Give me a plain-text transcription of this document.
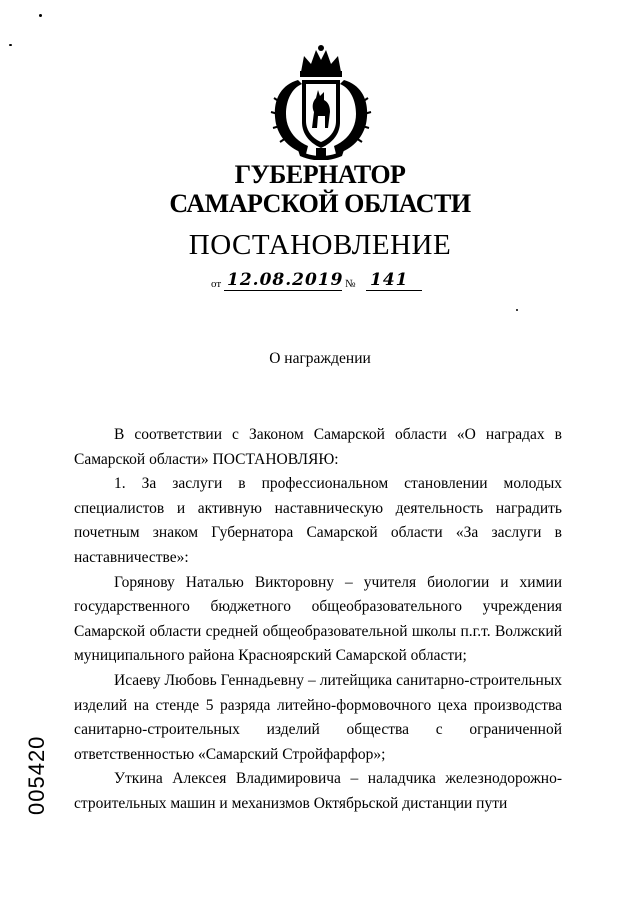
ГУБЕРНАТОР
САМАРСКОЙ ОБЛАСТИ
ПОСТАНОВЛЕНИЕ
от 12.08.2019 № 141
О награждении

В соответствии с Законом Самарской области «О наградах в Самарской области» ПОСТАНОВЛЯЮ:

1. За заслуги в профессиональном становлении молодых специалистов и активную наставническую деятельность наградить почетным знаком Губернатора Самарской области «За заслуги в наставничестве»:

Горянову Наталью Викторовну – учителя биологии и химии государственного бюджетного общеобразовательного учреждения Самарской области средней общеобразовательной школы п.г.т. Волжский муниципального района Красноярский Самарской области;

Исаеву Любовь Геннадьевну – литейщика санитарно-строительных изделий на стенде 5 разряда литейно-формовочного цеха производства санитарно-строительных изделий общества с ограниченной ответственностью «Самарский Стройфарфор»;

Уткина Алексея Владимировича – наладчика железнодорожно-строительных машин и механизмов Октябрьской дистанции пути

005420
